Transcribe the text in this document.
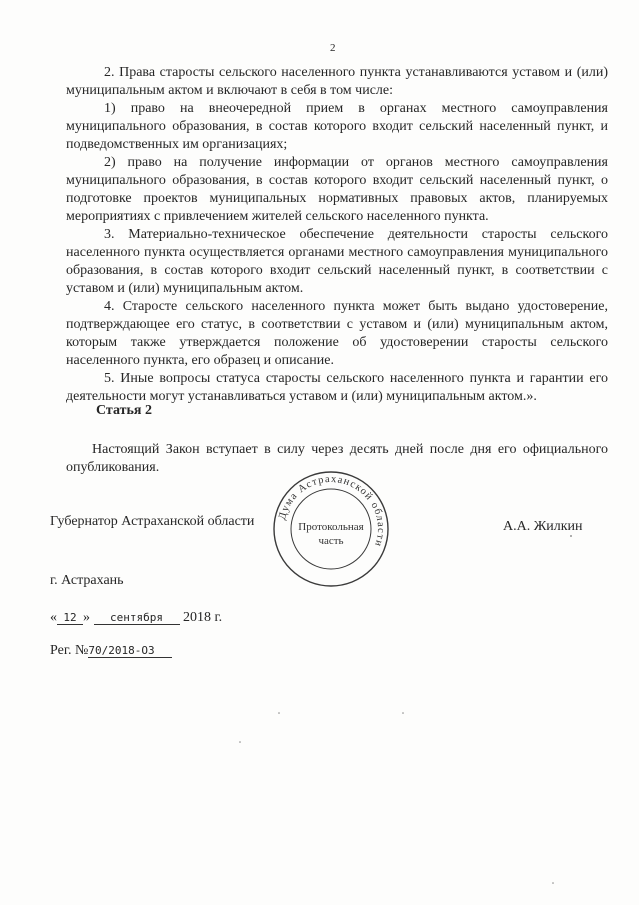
2

2. Права старосты сельского населенного пункта устанавливаются уставом и (или) муниципальным актом и включают в себя в том числе:

1) право на внеочередной прием в органах местного самоуправления муниципального образования, в состав которого входит сельский населенный пункт, и подведомственных им организациях;

2) право на получение информации от органов местного самоуправления муниципального образования, в состав которого входит сельский населенный пункт, о подготовке проектов муниципальных нормативных правовых актов, планируемых мероприятиях с привлечением жителей сельского населенного пункта.

3. Материально-техническое обеспечение деятельности старосты сельского населенного пункта осуществляется органами местного самоуправления муниципального образования, в состав которого входит сельский населенный пункт, в соответствии с уставом и (или) муниципальным актом.

4. Старосте сельского населенного пункта может быть выдано удостоверение, подтверждающее его статус, в соответствии с уставом и (или) муниципальным актом, которым также утверждается положение об удостоверении старосты сельского населенного пункта, его образец и описание.

5. Иные вопросы статуса старосты сельского населенного пункта и гарантии его деятельности могут устанавливаться уставом и (или) муниципальным актом.».

Статья 2

Настоящий Закон вступает в силу через десять дней после дня его официального опубликования.

Губернатор Астраханской области	А.А. Жилкин
Дума Астраханской области
Протокольная
часть
г. Астрахань
« 12 » сентября 2018 г.
Рег. №70/2018-ОЗ
